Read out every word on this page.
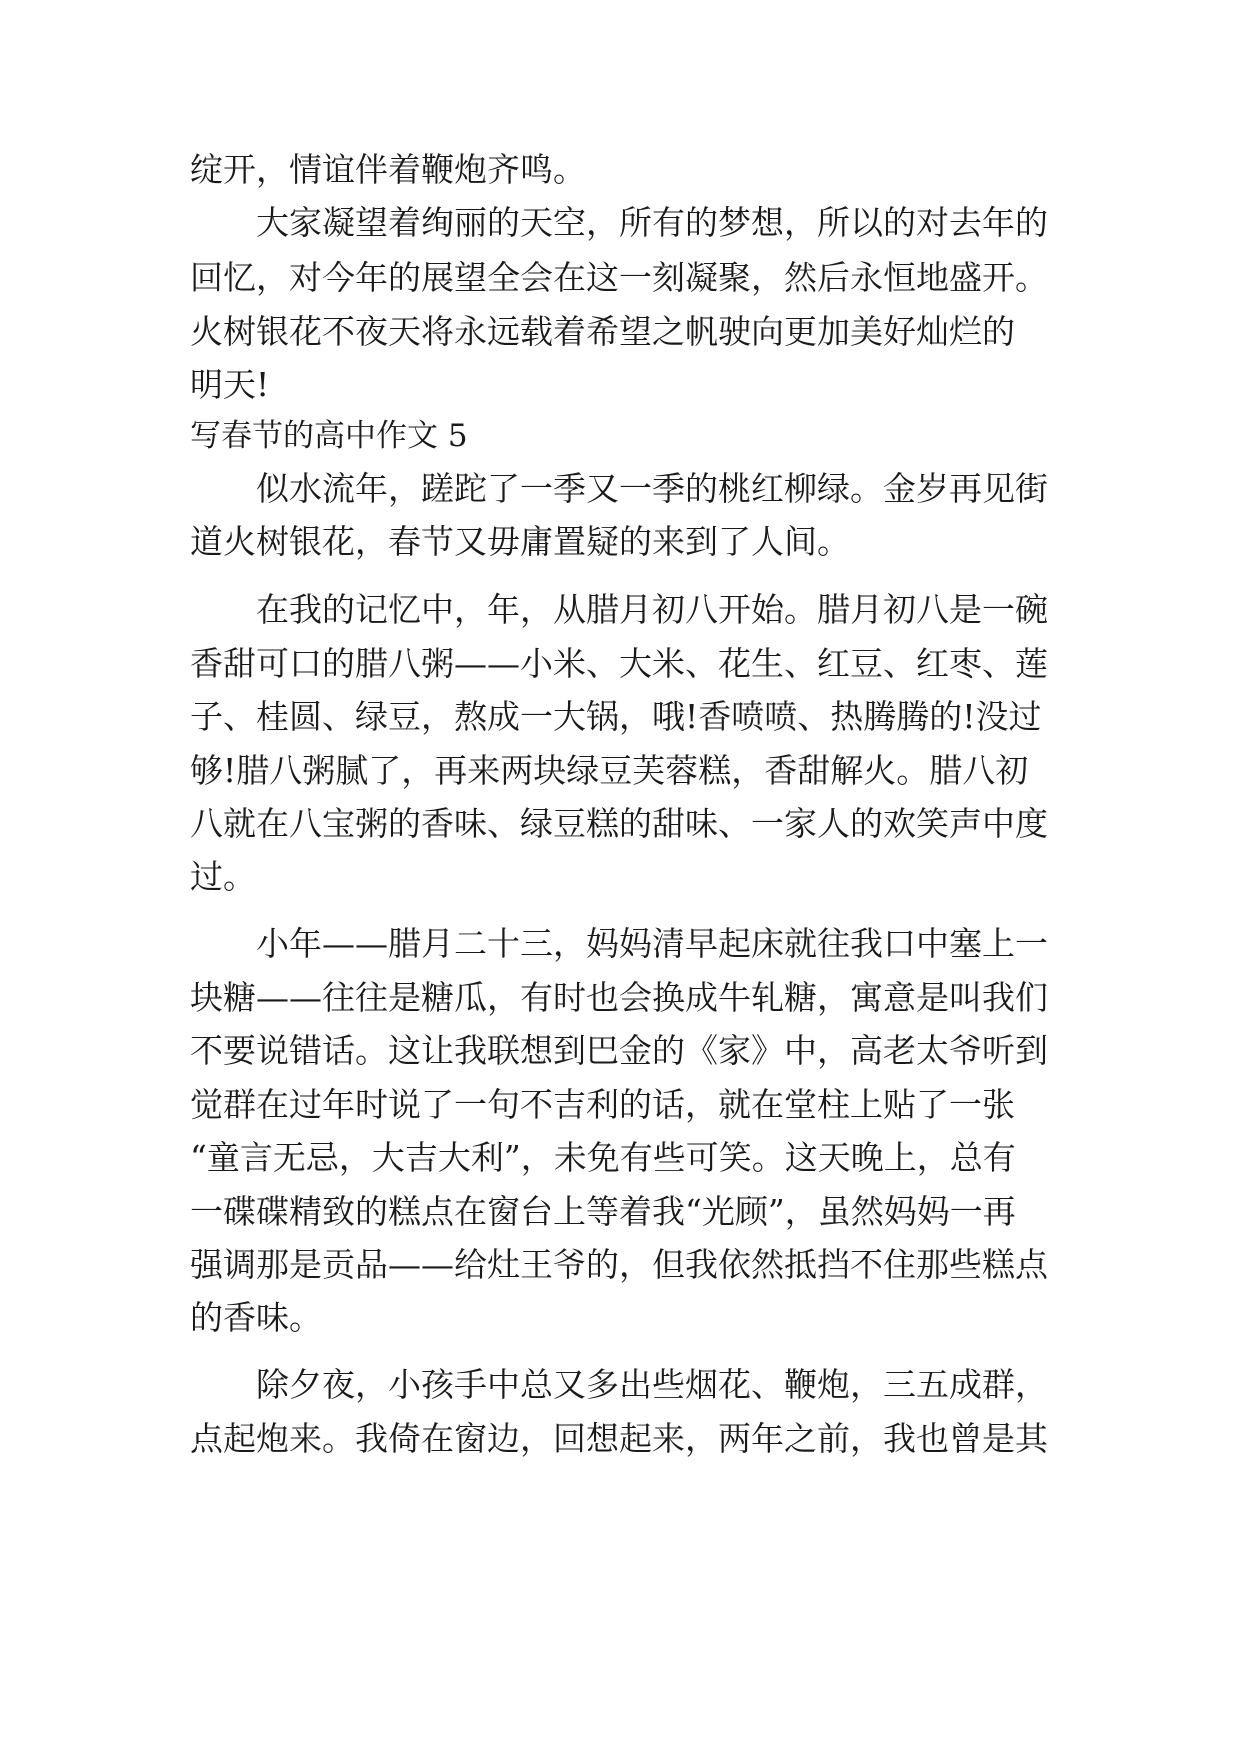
绽开，情谊伴着鞭炮齐鸣。
　　大家凝望着绚丽的天空，所有的梦想，所以的对去年的
回忆，对今年的展望全会在这一刻凝聚，然后永恒地盛开。
火树银花不夜天将永远载着希望之帆驶向更加美好灿烂的
明天!
写春节的高中作文 5
　　似水流年，蹉跎了一季又一季的桃红柳绿。金岁再见街
道火树银花，春节又毋庸置疑的来到了人间。
　　在我的记忆中，年，从腊月初八开始。腊月初八是一碗
香甜可口的腊八粥——小米、大米、花生、红豆、红枣、莲
子、桂圆、绿豆，熬成一大锅，哦!香喷喷、热腾腾的!没过
够!腊八粥腻了，再来两块绿豆芙蓉糕，香甜解火。腊八初
八就在八宝粥的香味、绿豆糕的甜味、一家人的欢笑声中度
过。
　　小年——腊月二十三，妈妈清早起床就往我口中塞上一
块糖——往往是糖瓜，有时也会换成牛轧糖，寓意是叫我们
不要说错话。这让我联想到巴金的《家》中，高老太爷听到
觉群在过年时说了一句不吉利的话，就在堂柱上贴了一张
“童言无忌，大吉大利”，未免有些可笑。这天晚上，总有
一碟碟精致的糕点在窗台上等着我“光顾”，虽然妈妈一再
强调那是贡品——给灶王爷的，但我依然抵挡不住那些糕点
的香味。
　　除夕夜，小孩手中总又多出些烟花、鞭炮，三五成群，
点起炮来。我倚在窗边，回想起来，两年之前，我也曾是其
